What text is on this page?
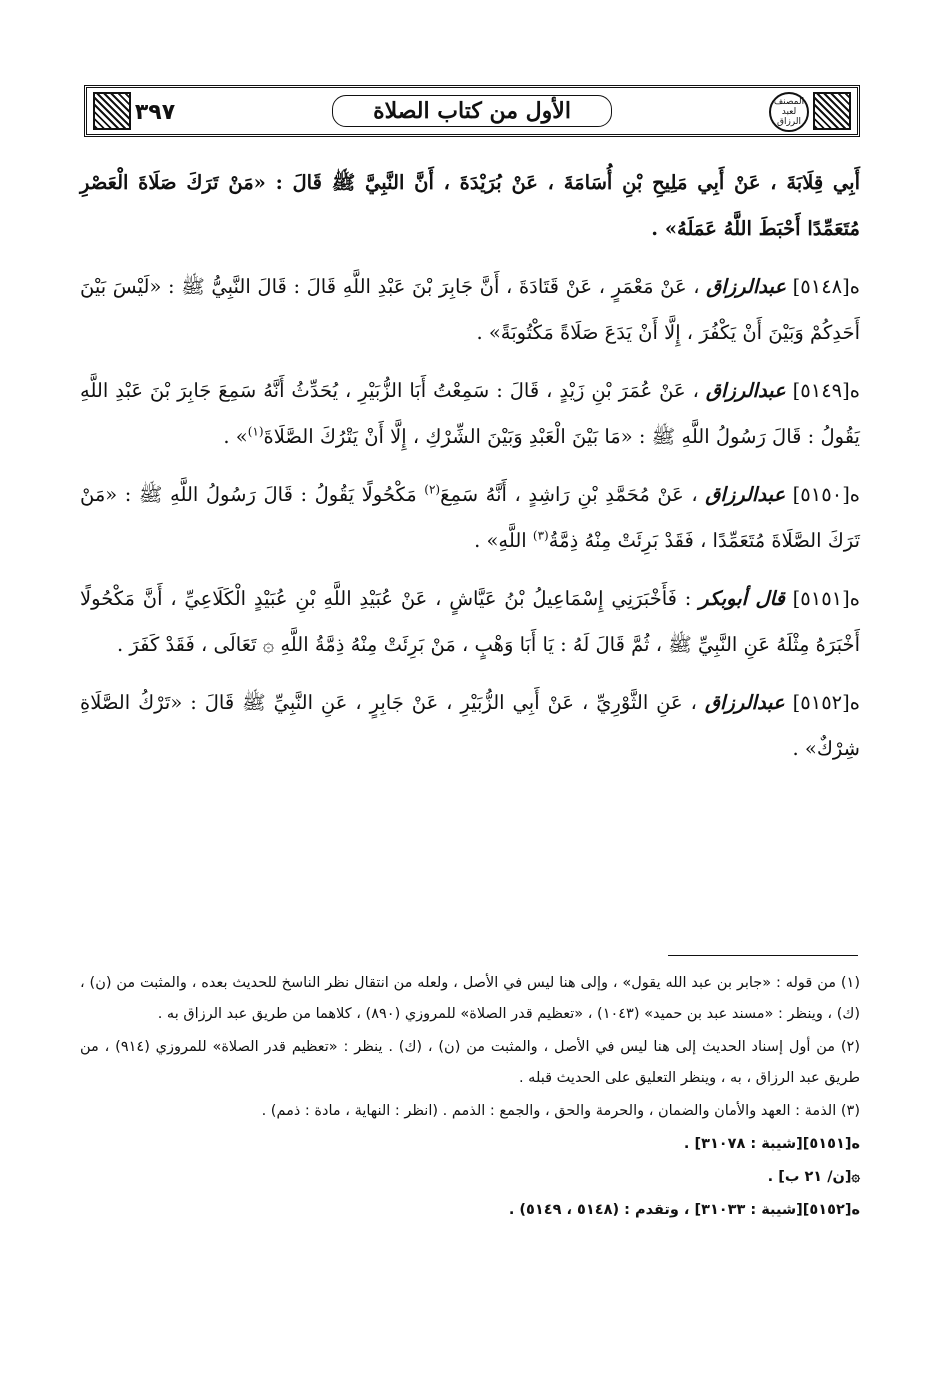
المصنف لعبد الرزاق
٣٩٧	الأول من كتاب الصلاة

أَبِي قِلَابَةَ ، عَنْ أَبِي مَلِيحِ بْنِ أُسَامَةَ ، عَنْ بُرَيْدَةَ ، أَنَّ النَّبِيَّ ﷺ قَالَ : «مَنْ تَرَكَ صَلَاةَ الْعَصْرِ مُتَعَمِّدًا أَحْبَطَ اللَّهُ عَمَلَهُ» .

ە[٥١٤٨] عبدالرزاق ، عَنْ مَعْمَرٍ ، عَنْ قَتَادَةَ ، أَنَّ جَابِرَ بْنَ عَبْدِ اللَّهِ قَالَ : قَالَ النَّبِيُّ ﷺ : «لَيْسَ بَيْنَ أَحَدِكُمْ وَبَيْنَ أَنْ يَكْفُرَ ، إِلَّا أَنْ يَدَعَ صَلَاةً مَكْتُوبَةً» .

ە[٥١٤٩] عبدالرزاق ، عَنْ عُمَرَ بْنِ زَيْدٍ ، قَالَ : سَمِعْتُ أَبَا الزُّبَيْرِ ، يُحَدِّثُ أَنَّهُ سَمِعَ جَابِرَ بْنَ عَبْدِ اللَّهِ يَقُولُ : قَالَ رَسُولُ اللَّهِ ﷺ : «مَا بَيْنَ الْعَبْدِ وَبَيْنَ الشِّرْكِ ، إِلَّا أَنْ يَتْرُكَ الصَّلَاةَ$^{(١)}$» .

ە[٥١٥٠] عبدالرزاق ، عَنْ مُحَمَّدِ بْنِ رَاشِدٍ ، أَنَّهُ سَمِعَ$^{(٢)}$ مَكْحُولًا يَقُولُ : قَالَ رَسُولُ اللَّهِ ﷺ : «مَنْ تَرَكَ الصَّلَاةَ مُتَعَمِّدًا ، فَقَدْ بَرِئَتْ مِنْهُ ذِمَّةُ$^{(٣)}$ اللَّهِ» .

ە[٥١٥١] قال أبوبكر : فَأَخْبَرَنِي إِسْمَاعِيلُ بْنُ عَيَّاشٍ ، عَنْ عُبَيْدِ اللَّهِ بْنِ عُبَيْدٍ الْكَلَاعِيِّ ، أَنَّ مَكْحُولًا أَخْبَرَهُ مِثْلَهُ عَنِ النَّبِيِّ ﷺ ، ثُمَّ قَالَ لَهُ : يَا أَبَا وَهْبٍ ، مَنْ بَرِئَتْ مِنْهُ ذِمَّةُ اللَّهِ ۞ تَعَالَى ، فَقَدْ كَفَرَ .

ە[٥١٥٢] عبدالرزاق ، عَنِ الثَّوْرِيِّ ، عَنْ أَبِي الزُّبَيْرِ ، عَنْ جَابِرٍ ، عَنِ النَّبِيِّ ﷺ قَالَ : «تَرْكُ الصَّلَاةِ شِرْكٌ» .

(١) من قوله : «جابر بن عبد الله يقول» ، وإلى هنا ليس في الأصل ، ولعله من انتقال نظر الناسخ للحديث بعده ، والمثبت من (ن) ، (ك) ، وينظر : «مسند عبد بن حميد» (١٠٤٣) ، «تعظيم قدر الصلاة» للمروزي (٨٩٠) ، كلاهما من طريق عبد الرزاق به .

(٢) من أول إسناد الحديث إلى هنا ليس في الأصل ، والمثبت من (ن) ، (ك) . ينظر : «تعظيم قدر الصلاة» للمروزي (٩١٤) ، من طريق عبد الرزاق ، به ، وينظر التعليق على الحديث قبله .

(٣) الذمة : العهد والأمان والضمان ، والحرمة والحق ، والجمع : الذمم . (انظر : النهاية ، مادة : ذمم) .

ە[٥١٥١][شيبة : ٣١٠٧٨] .

۞[ن/ ٢١ ب] .

ە[٥١٥٢][شيبة : ٣١٠٣٣] ، وتقدم : (٥١٤٨ ، ٥١٤٩) .
